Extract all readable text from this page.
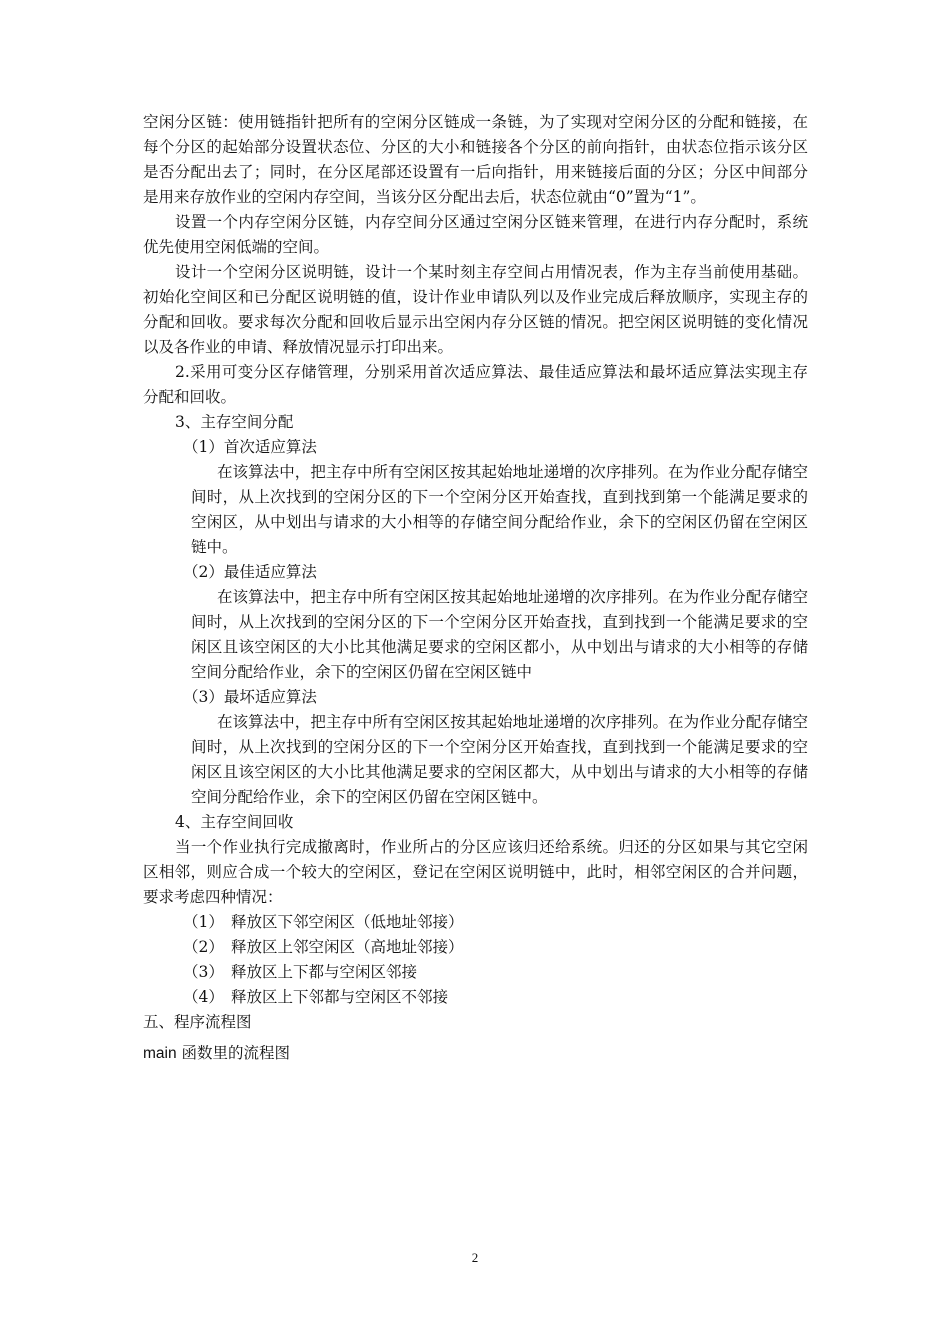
空闲分区链：使用链指针把所有的空闲分区链成一条链，为了实现对空闲分区的分配和链接，在每个分区的起始部分设置状态位、分区的大小和链接各个分区的前向指针，由状态位指示该分区是否分配出去了；同时，在分区尾部还设置有一后向指针，用来链接后面的分区；分区中间部分是用来存放作业的空闲内存空间，当该分区分配出去后，状态位就由“0”置为“1”。

设置一个内存空闲分区链，内存空间分区通过空闲分区链来管理，在进行内存分配时，系统优先使用空闲低端的空间。

设计一个空闲分区说明链，设计一个某时刻主存空间占用情况表，作为主存当前使用基础。初始化空间区和已分配区说明链的值，设计作业申请队列以及作业完成后释放顺序，实现主存的分配和回收。要求每次分配和回收后显示出空闲内存分区链的情况。把空闲区说明链的变化情况以及各作业的申请、释放情况显示打印出来。

2.采用可变分区存储管理，分别采用首次适应算法、最佳适应算法和最坏适应算法实现主存分配和回收。

3、主存空间分配
（1）首次适应算法

在该算法中，把主存中所有空闲区按其起始地址递增的次序排列。在为作业分配存储空间时，从上次找到的空闲分区的下一个空闲分区开始查找，直到找到第一个能满足要求的空闲区，从中划出与请求的大小相等的存储空间分配给作业，余下的空闲区仍留在空闲区链中。

（2）最佳适应算法

在该算法中，把主存中所有空闲区按其起始地址递增的次序排列。在为作业分配存储空间时，从上次找到的空闲分区的下一个空闲分区开始查找，直到找到一个能满足要求的空闲区且该空闲区的大小比其他满足要求的空闲区都小，从中划出与请求的大小相等的存储空间分配给作业，余下的空闲区仍留在空闲区链中

（3）最坏适应算法

在该算法中，把主存中所有空闲区按其起始地址递增的次序排列。在为作业分配存储空间时，从上次找到的空闲分区的下一个空闲分区开始查找，直到找到一个能满足要求的空闲区且该空闲区的大小比其他满足要求的空闲区都大，从中划出与请求的大小相等的存储空间分配给作业，余下的空闲区仍留在空闲区链中。

4、主存空间回收

当一个作业执行完成撤离时，作业所占的分区应该归还给系统。归还的分区如果与其它空闲区相邻，则应合成一个较大的空闲区，登记在空闲区说明链中，此时，相邻空闲区的合并问题，要求考虑四种情况：

（1） 释放区下邻空闲区（低地址邻接）
（2） 释放区上邻空闲区（高地址邻接）
（3） 释放区上下都与空闲区邻接
（4） 释放区上下邻都与空闲区不邻接
五、程序流程图
main 函数里的流程图
2
